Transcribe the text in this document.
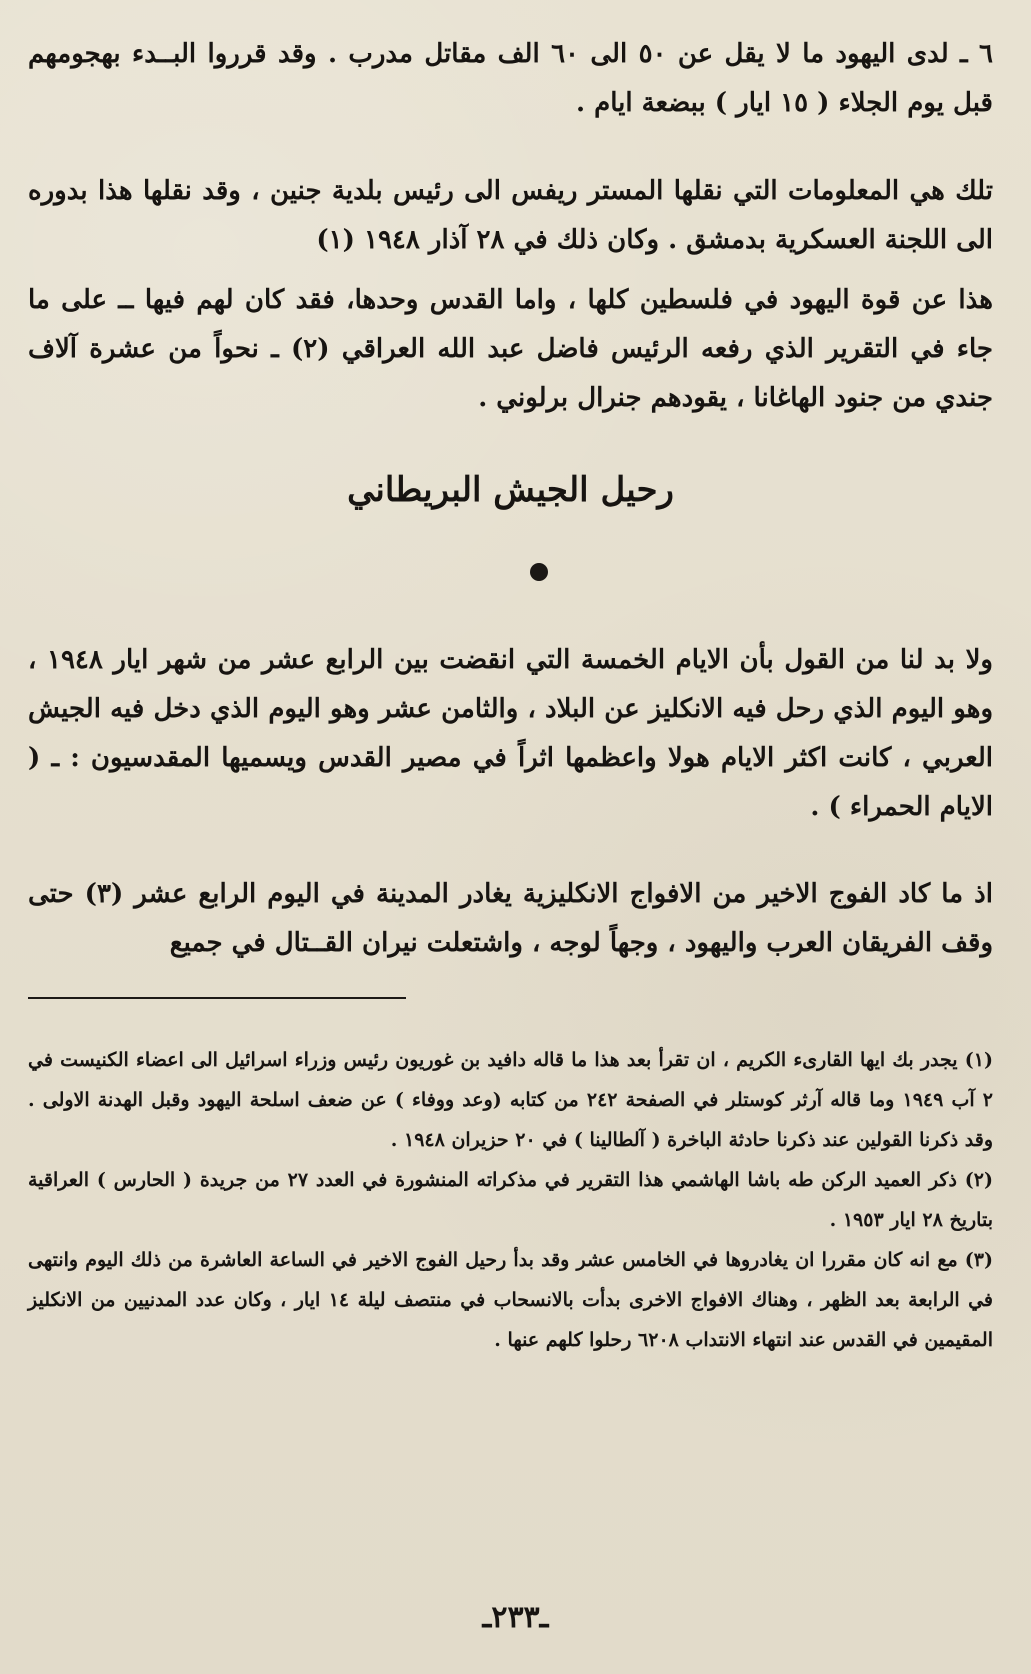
٦ ـ لدى اليهود ما لا يقل عن ٥٠ الى ٦٠ الف مقاتل مدرب . وقد قرروا البــدء بهجومهم قبل يوم الجلاء ( ١٥ ايار ) ببضعة ايام .

تلك هي المعلومات التي نقلها المستر ريفس الى رئيس بلدية جنين ، وقد نقلها هذا بدوره الى اللجنة العسكرية بدمشق . وكان ذلك في ٢٨ آذار ١٩٤٨ (١)

هذا عن قوة اليهود في فلسطين كلها ، واما القدس وحدها، فقد كان لهم فيها ــ على ما جاء في التقرير الذي رفعه الرئيس فاضل عبد الله العراقي (٢) ـ نحواً من عشرة آلاف جندي من جنود الهاغانا ، يقودهم جنرال برلوني .

رحيل الجيش البريطاني

ولا بد لنا من القول بأن الايام الخمسة التي انقضت بين الرابع عشر من شهر ايار ١٩٤٨ ، وهو اليوم الذي رحل فيه الانكليز عن البلاد ، والثامن عشر وهو اليوم الذي دخل فيه الجيش العربي ، كانت اكثر الايام هولا واعظمها اثراً في مصير القدس ويسميها المقدسيون : ـ ( الايام الحمراء ) .

اذ ما كاد الفوج الاخير من الافواج الانكليزية يغادر المدينة في اليوم الرابع عشر (٣) حتى وقف الفريقان العرب واليهود ، وجهاً لوجه ، واشتعلت نيران القــتال في جميع

(١) يجدر بك ايها القارىء الكريم ، ان تقرأ بعد هذا ما قاله دافيد بن غوريون رئيس وزراء اسرائيل الى اعضاء الكنيست في ٢ آب ١٩٤٩ وما قاله آرثر كوستلر في الصفحة ٢٤٢ من كتابه (وعد ووفاء ) عن ضعف اسلحة اليهود وقبل الهدنة الاولى . وقد ذكرنا القولين عند ذكرنا حادثة الباخرة ( آلطالينا ) في ٢٠ حزيران ١٩٤٨ .

(٢) ذكر العميد الركن طه باشا الهاشمي هذا التقرير في مذكراته المنشورة في العدد ٢٧ من جريدة ( الحارس ) العراقية بتاريخ ٢٨ ايار ١٩٥٣ .

(٣) مع انه كان مقررا ان يغادروها في الخامس عشر وقد بدأ رحيل الفوج الاخير في الساعة العاشرة من ذلك اليوم وانتهى في الرابعة بعد الظهر ، وهناك الافواج الاخرى بدأت بالانسحاب في منتصف ليلة ١٤ ايار ، وكان عدد المدنيين من الانكليز المقيمين في القدس عند انتهاء الانتداب ٦٢٠٨ رحلوا كلهم عنها .

ـ٢٣٣ـ
